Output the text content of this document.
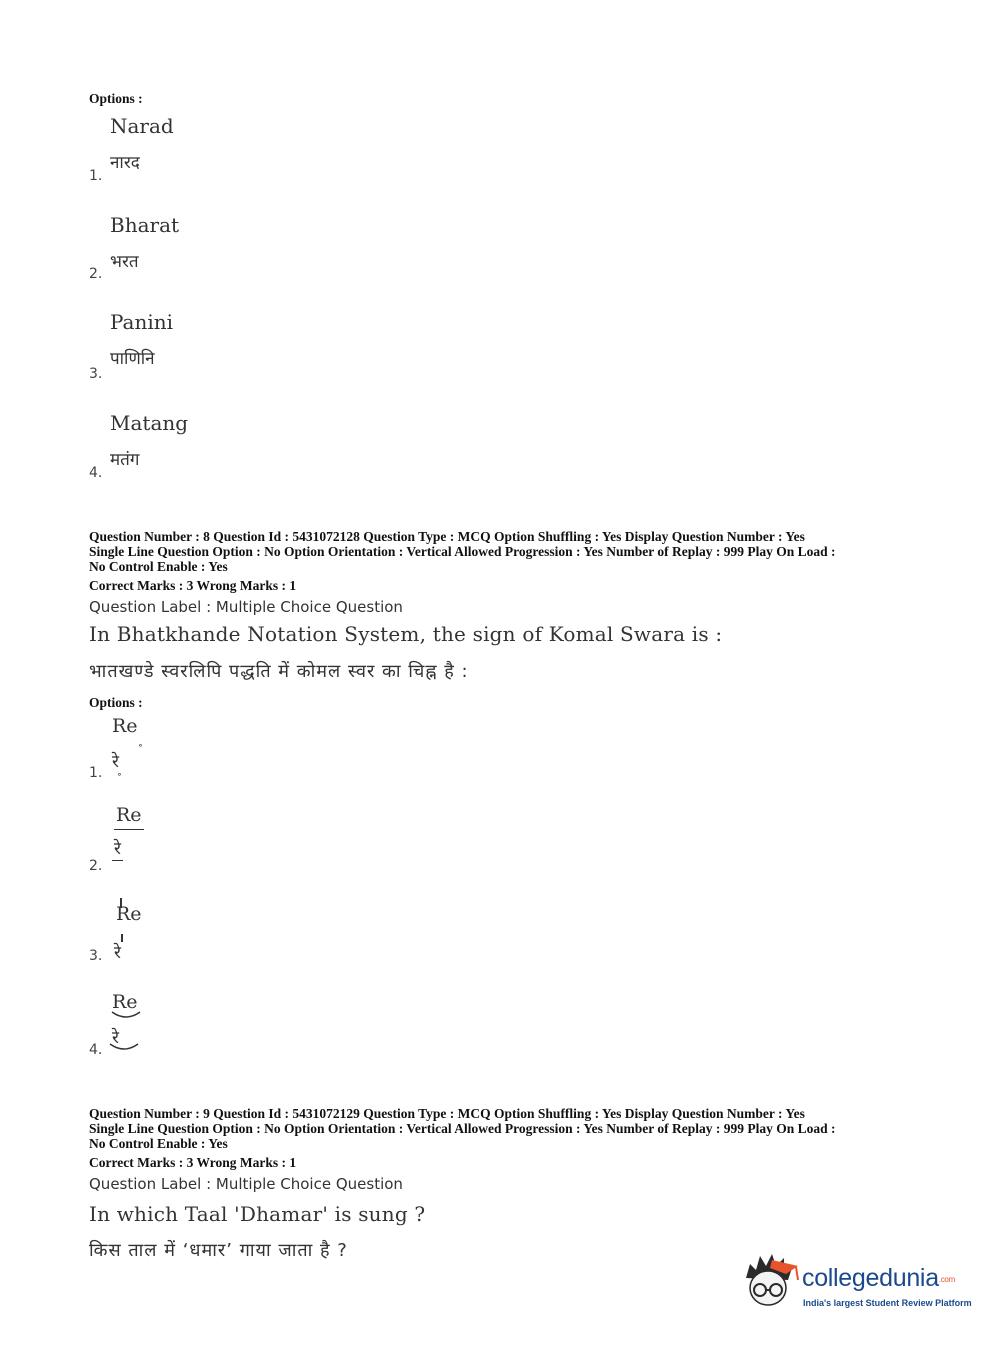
Options :
Narad
नारद
1.
Bharat
भरत
2.
Panini
पाणिनि
3.
Matang
मतंग
4.
Question Number : 8 Question Id : 5431072128 Question Type : MCQ Option Shuffling : Yes Display Question Number : Yes
Single Line Question Option : No Option Orientation : Vertical Allowed Progression : Yes Number of Replay : 999 Play On Load :
No Control Enable : Yes
Correct Marks : 3 Wrong Marks : 1
Question Label : Multiple Choice Question
In Bhatkhande Notation System, the sign of Komal Swara is :
भातखण्डे स्वरलिपि पद्धति में कोमल स्वर का चिह्न है :
Options :
Re
˳
रे
˳
1.
Re
रे
2.
Re
रे
3.
Re
रे
4.
Question Number : 9 Question Id : 5431072129 Question Type : MCQ Option Shuffling : Yes Display Question Number : Yes
Single Line Question Option : No Option Orientation : Vertical Allowed Progression : Yes Number of Replay : 999 Play On Load :
No Control Enable : Yes
Correct Marks : 3 Wrong Marks : 1
Question Label : Multiple Choice Question
In which Taal 'Dhamar' is sung ?
किस ताल में ‘धमार’ गाया जाता है ?
collegedunia.com
India's largest Student Review Platform
